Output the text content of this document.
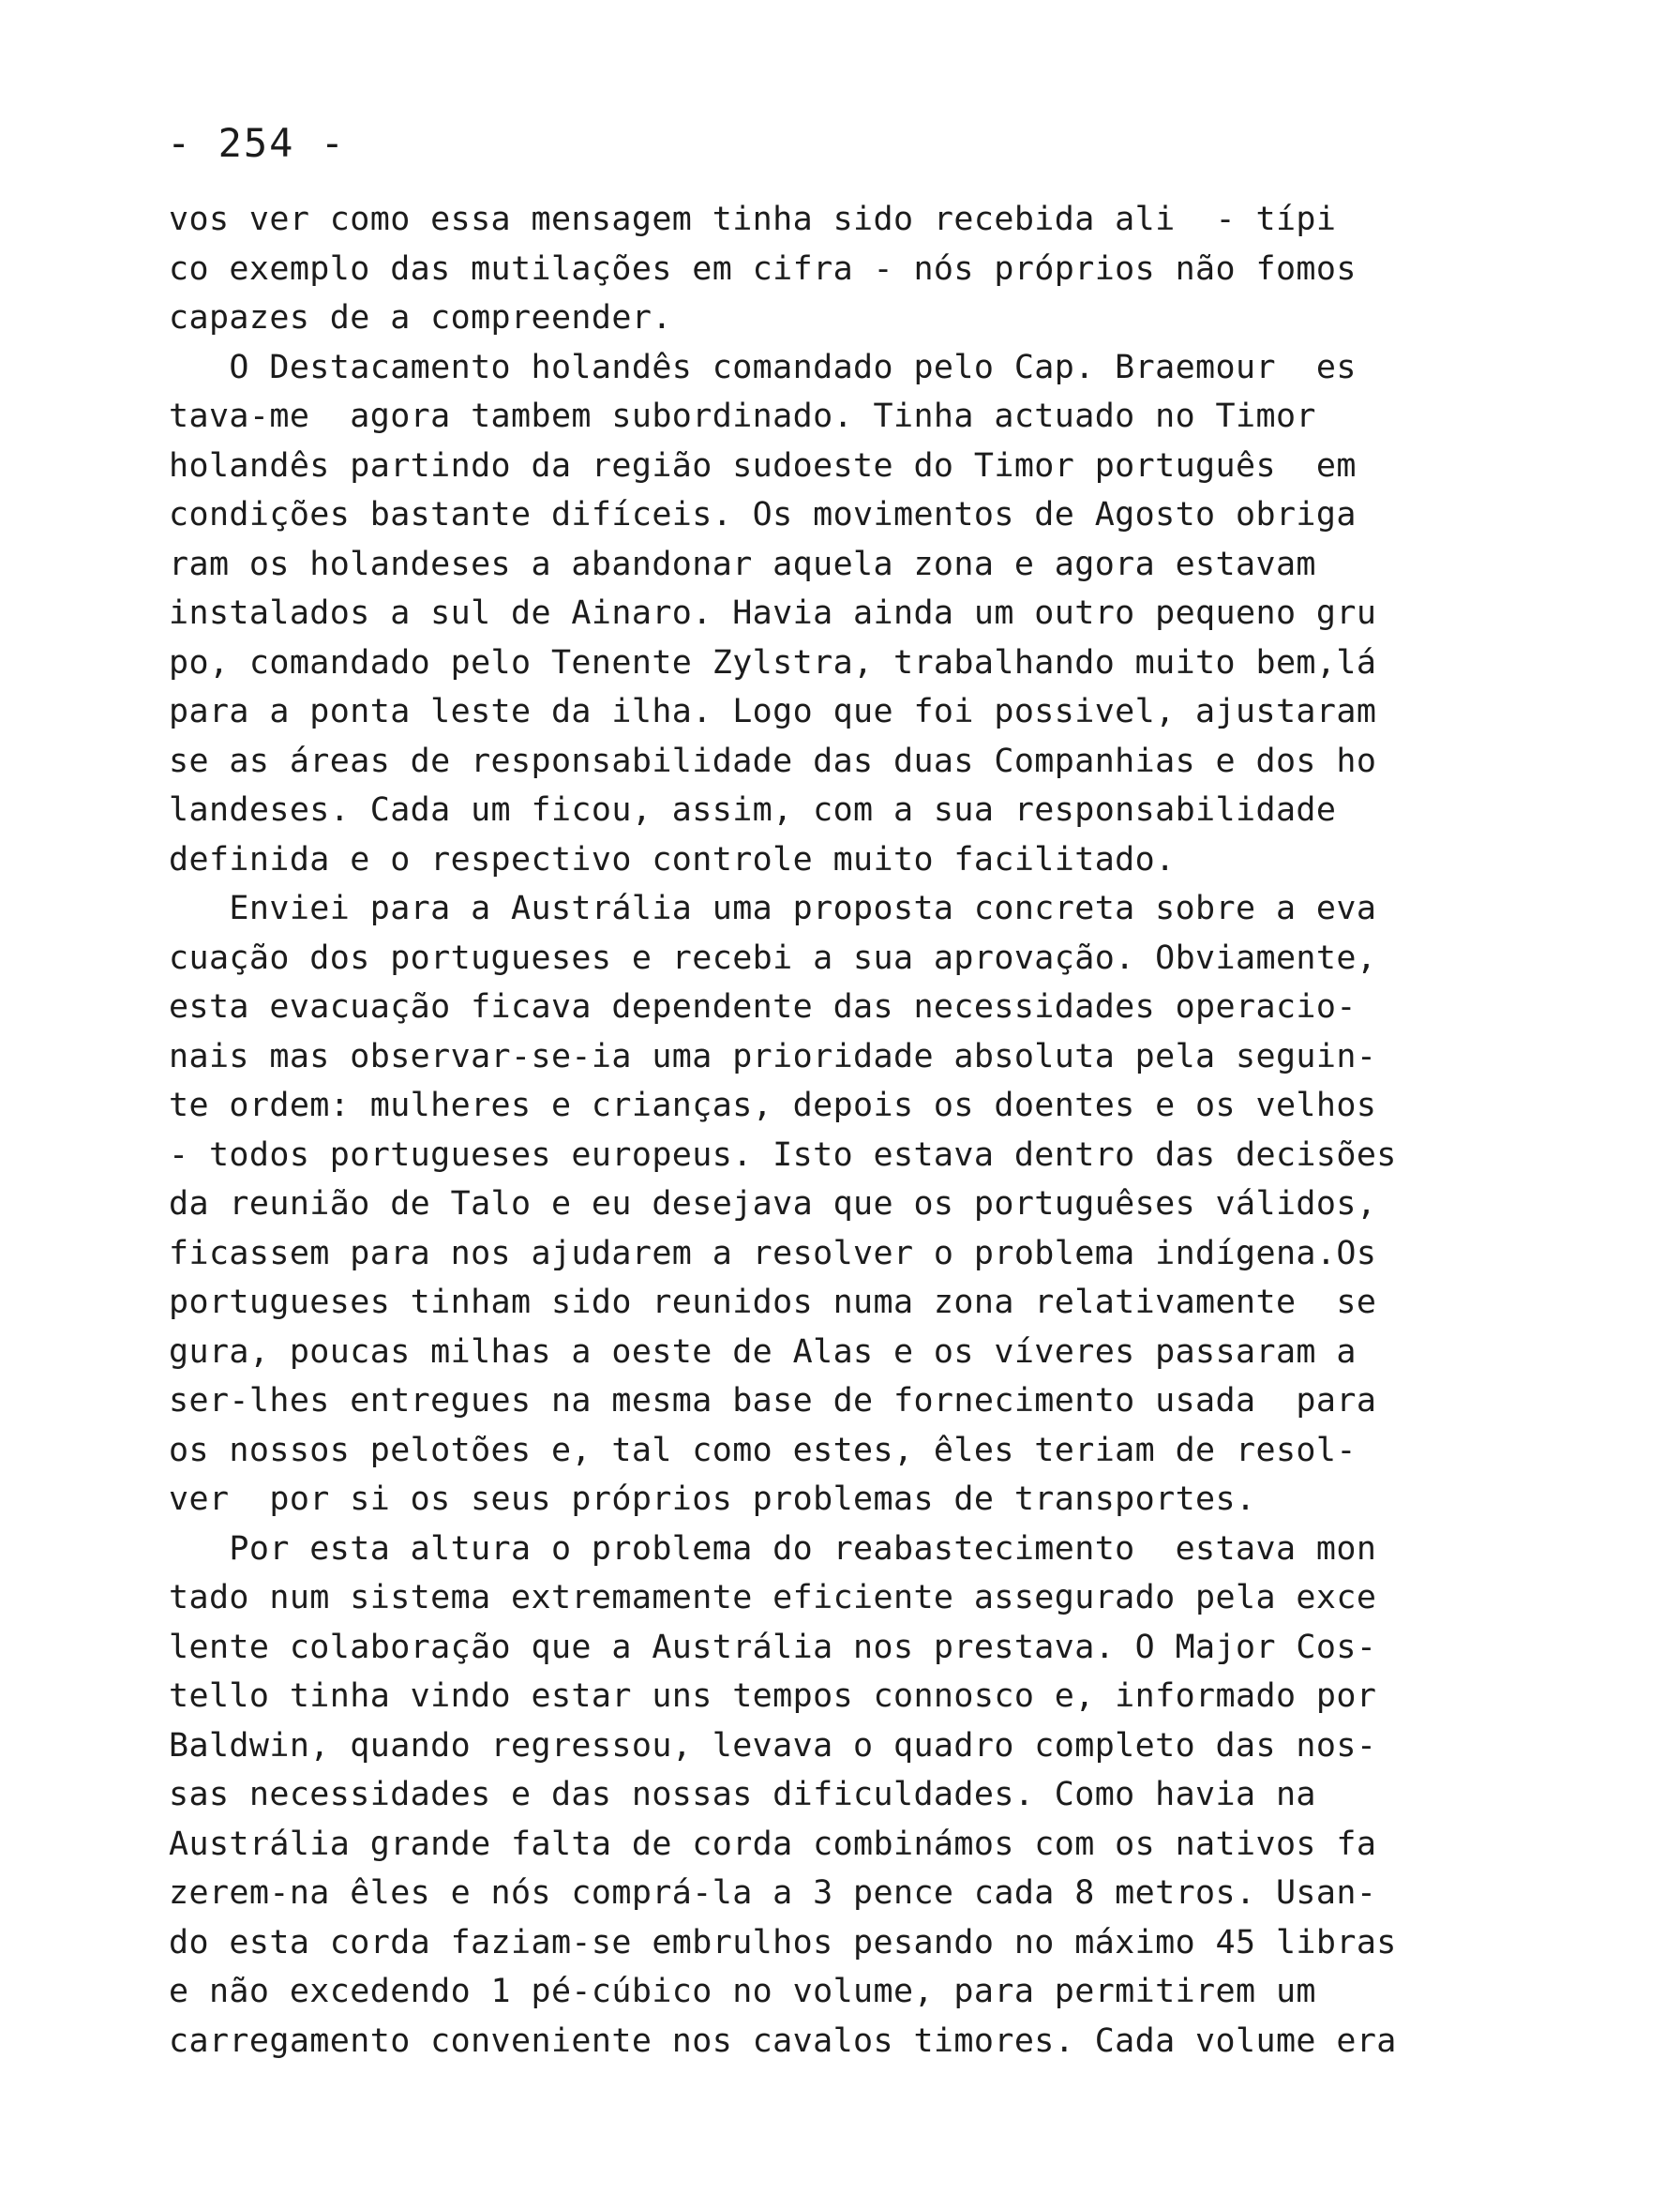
- 254 -
vos ver como essa mensagem tinha sido recebida ali  - típi
co exemplo das mutilações em cifra - nós próprios não fomos
capazes de a compreender.
O Destacamento holandês comandado pelo Cap. Braemour  es
tava-me  agora tambem subordinado. Tinha actuado no Timor
holandês partindo da região sudoeste do Timor português  em
condições bastante difíceis. Os movimentos de Agosto obriga
ram os holandeses a abandonar aquela zona e agora estavam
instalados a sul de Ainaro. Havia ainda um outro pequeno gru
po, comandado pelo Tenente Zylstra, trabalhando muito bem,lá
para a ponta leste da ilha. Logo que foi possivel, ajustaram
se as áreas de responsabilidade das duas Companhias e dos ho
landeses. Cada um ficou, assim, com a sua responsabilidade
definida e o respectivo controle muito facilitado.
Enviei para a Austrália uma proposta concreta sobre a eva
cuação dos portugueses e recebi a sua aprovação. Obviamente,
esta evacuação ficava dependente das necessidades operacio-
nais mas observar-se-ia uma prioridade absoluta pela seguin-
te ordem: mulheres e crianças, depois os doentes e os velhos
- todos portugueses europeus. Isto estava dentro das decisões
da reunião de Talo e eu desejava que os portuguêses válidos,
ficassem para nos ajudarem a resolver o problema indígena.Os
portugueses tinham sido reunidos numa zona relativamente  se
gura, poucas milhas a oeste de Alas e os víveres passaram a
ser-lhes entregues na mesma base de fornecimento usada  para
os nossos pelotões e, tal como estes, êles teriam de resol-
ver  por si os seus próprios problemas de transportes.
Por esta altura o problema do reabastecimento  estava mon
tado num sistema extremamente eficiente assegurado pela exce
lente colaboração que a Austrália nos prestava. O Major Cos-
tello tinha vindo estar uns tempos connosco e, informado por
Baldwin, quando regressou, levava o quadro completo das nos-
sas necessidades e das nossas dificuldades. Como havia na
Austrália grande falta de corda combinámos com os nativos fa
zerem-na êles e nós comprá-la a 3 pence cada 8 metros. Usan-
do esta corda faziam-se embrulhos pesando no máximo 45 libras
e não excedendo 1 pé-cúbico no volume, para permitirem um
carregamento conveniente nos cavalos timores. Cada volume era
